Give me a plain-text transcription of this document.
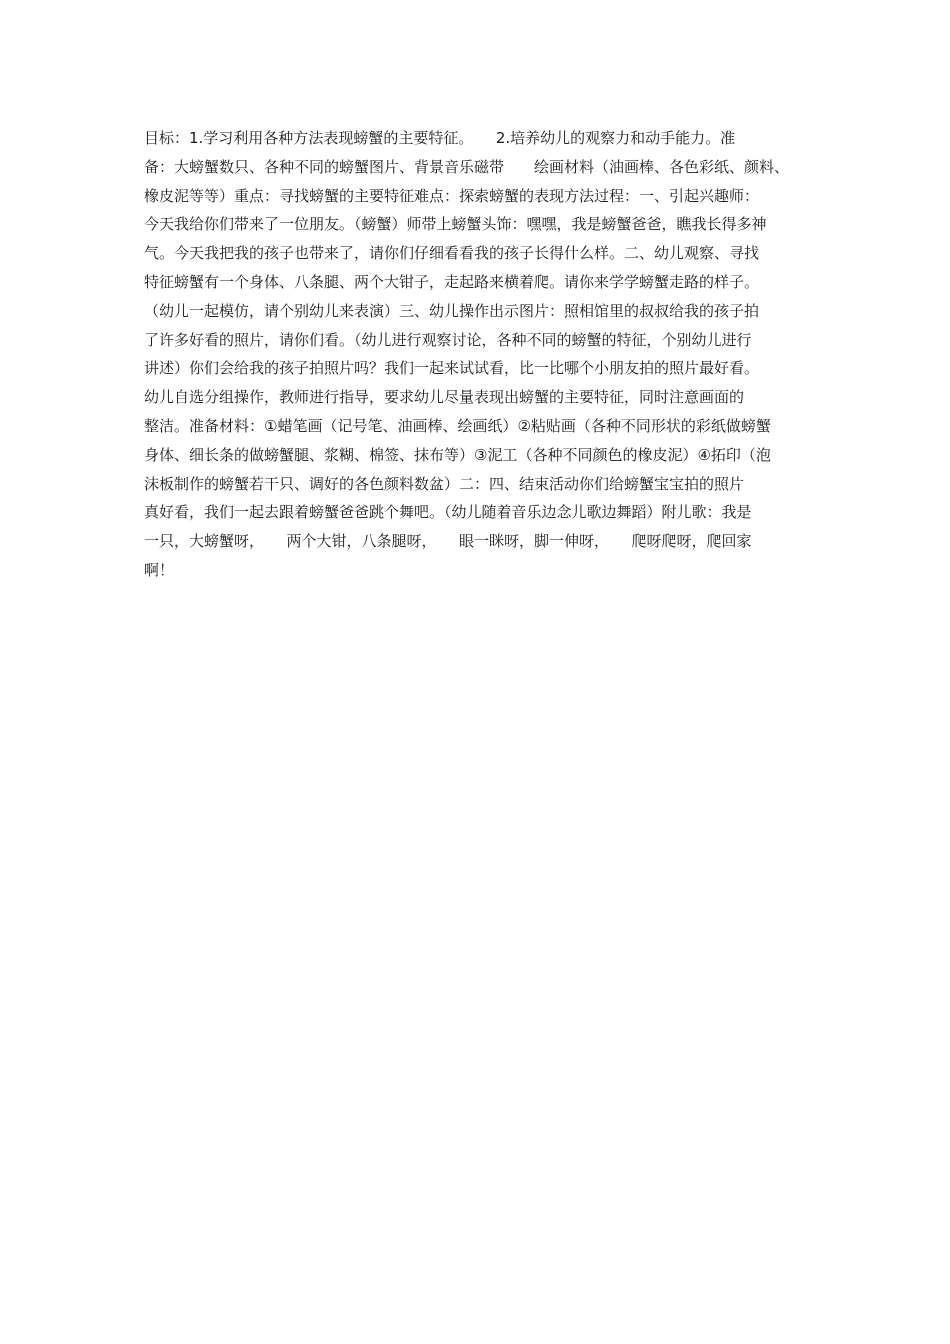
目标：1.学习利用各种方法表现螃蟹的主要特征。　　2.培养幼儿的观察力和动手能力。准
备：大螃蟹数只、各种不同的螃蟹图片、背景音乐磁带　　绘画材料（油画棒、各色彩纸、颜料、
橡皮泥等等）重点：寻找螃蟹的主要特征难点：探索螃蟹的表现方法过程：一、引起兴趣师：
今天我给你们带来了一位朋友。（螃蟹）师带上螃蟹头饰：嘿嘿，我是螃蟹爸爸，瞧我长得多神
气。今天我把我的孩子也带来了，请你们仔细看看我的孩子长得什么样。二、幼儿观察、寻找
特征螃蟹有一个身体、八条腿、两个大钳子，走起路来横着爬。请你来学学螃蟹走路的样子。
（幼儿一起模仿，请个别幼儿来表演）三、幼儿操作出示图片：照相馆里的叔叔给我的孩子拍
了许多好看的照片，请你们看。（幼儿进行观察讨论，各种不同的螃蟹的特征，个别幼儿进行
讲述）你们会给我的孩子拍照片吗？我们一起来试试看，比一比哪个小朋友拍的照片最好看。
幼儿自选分组操作，教师进行指导，要求幼儿尽量表现出螃蟹的主要特征，同时注意画面的
整洁。准备材料：①蜡笔画（记号笔、油画棒、绘画纸）②粘贴画（各种不同形状的彩纸做螃蟹
身体、细长条的做螃蟹腿、浆糊、棉签、抹布等）③泥工（各种不同颜色的橡皮泥）④拓印（泡
沫板制作的螃蟹若干只、调好的各色颜料数盆）二：四、结束活动你们给螃蟹宝宝拍的照片
真好看，我们一起去跟着螃蟹爸爸跳个舞吧。（幼儿随着音乐边念儿歌边舞蹈）附儿歌：我是
一只，大螃蟹呀，　　两个大钳，八条腿呀，　　眼一眯呀，脚一伸呀，　　爬呀爬呀，爬回家
啊！
